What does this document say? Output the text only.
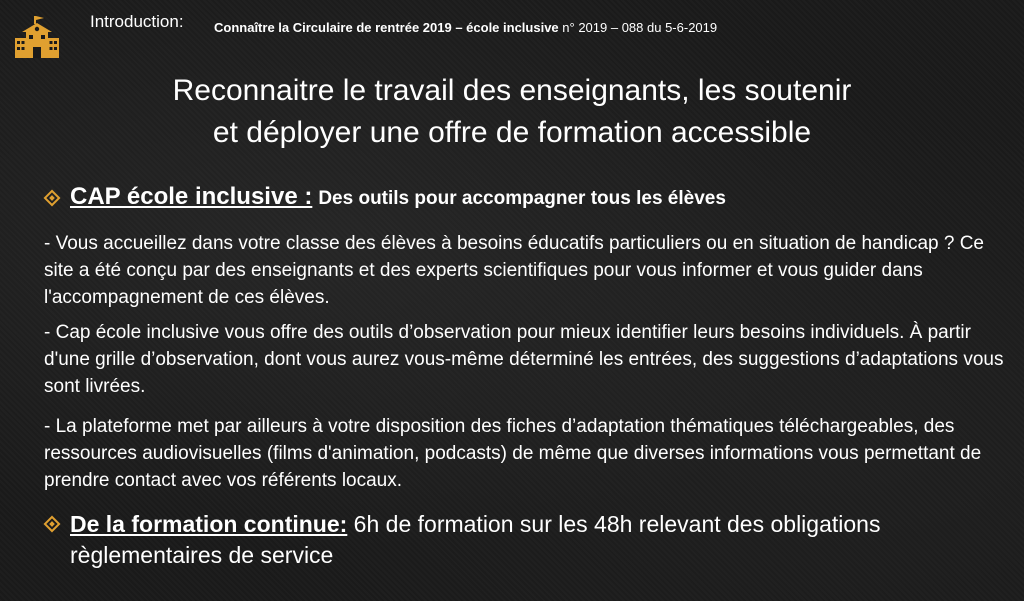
Introduction: Connaître la Circulaire de rentrée 2019 – école inclusive n° 2019 – 088 du 5-6-2019
Reconnaitre le travail des enseignants, les soutenir
et déployer une offre de formation accessible
CAP école inclusive : Des outils pour accompagner tous les élèves
- Vous accueillez dans votre classe des élèves à besoins éducatifs particuliers ou en situation de handicap ? Ce site a été conçu par des enseignants et des experts scientifiques pour vous informer et vous guider dans l'accompagnement de ces élèves.
- Cap école inclusive vous offre des outils d’observation pour mieux identifier leurs besoins individuels. À partir d'une grille d’observation, dont vous aurez vous-même déterminé les entrées, des suggestions d’adaptations vous sont livrées.
- La plateforme met par ailleurs à votre disposition des fiches d’adaptation thématiques téléchargeables, des ressources audiovisuelles (films d'animation, podcasts) de même que diverses informations vous permettant de prendre contact avec vos référents locaux.
De la formation continue: 6h de formation sur les 48h relevant des obligations règlementaires de service
